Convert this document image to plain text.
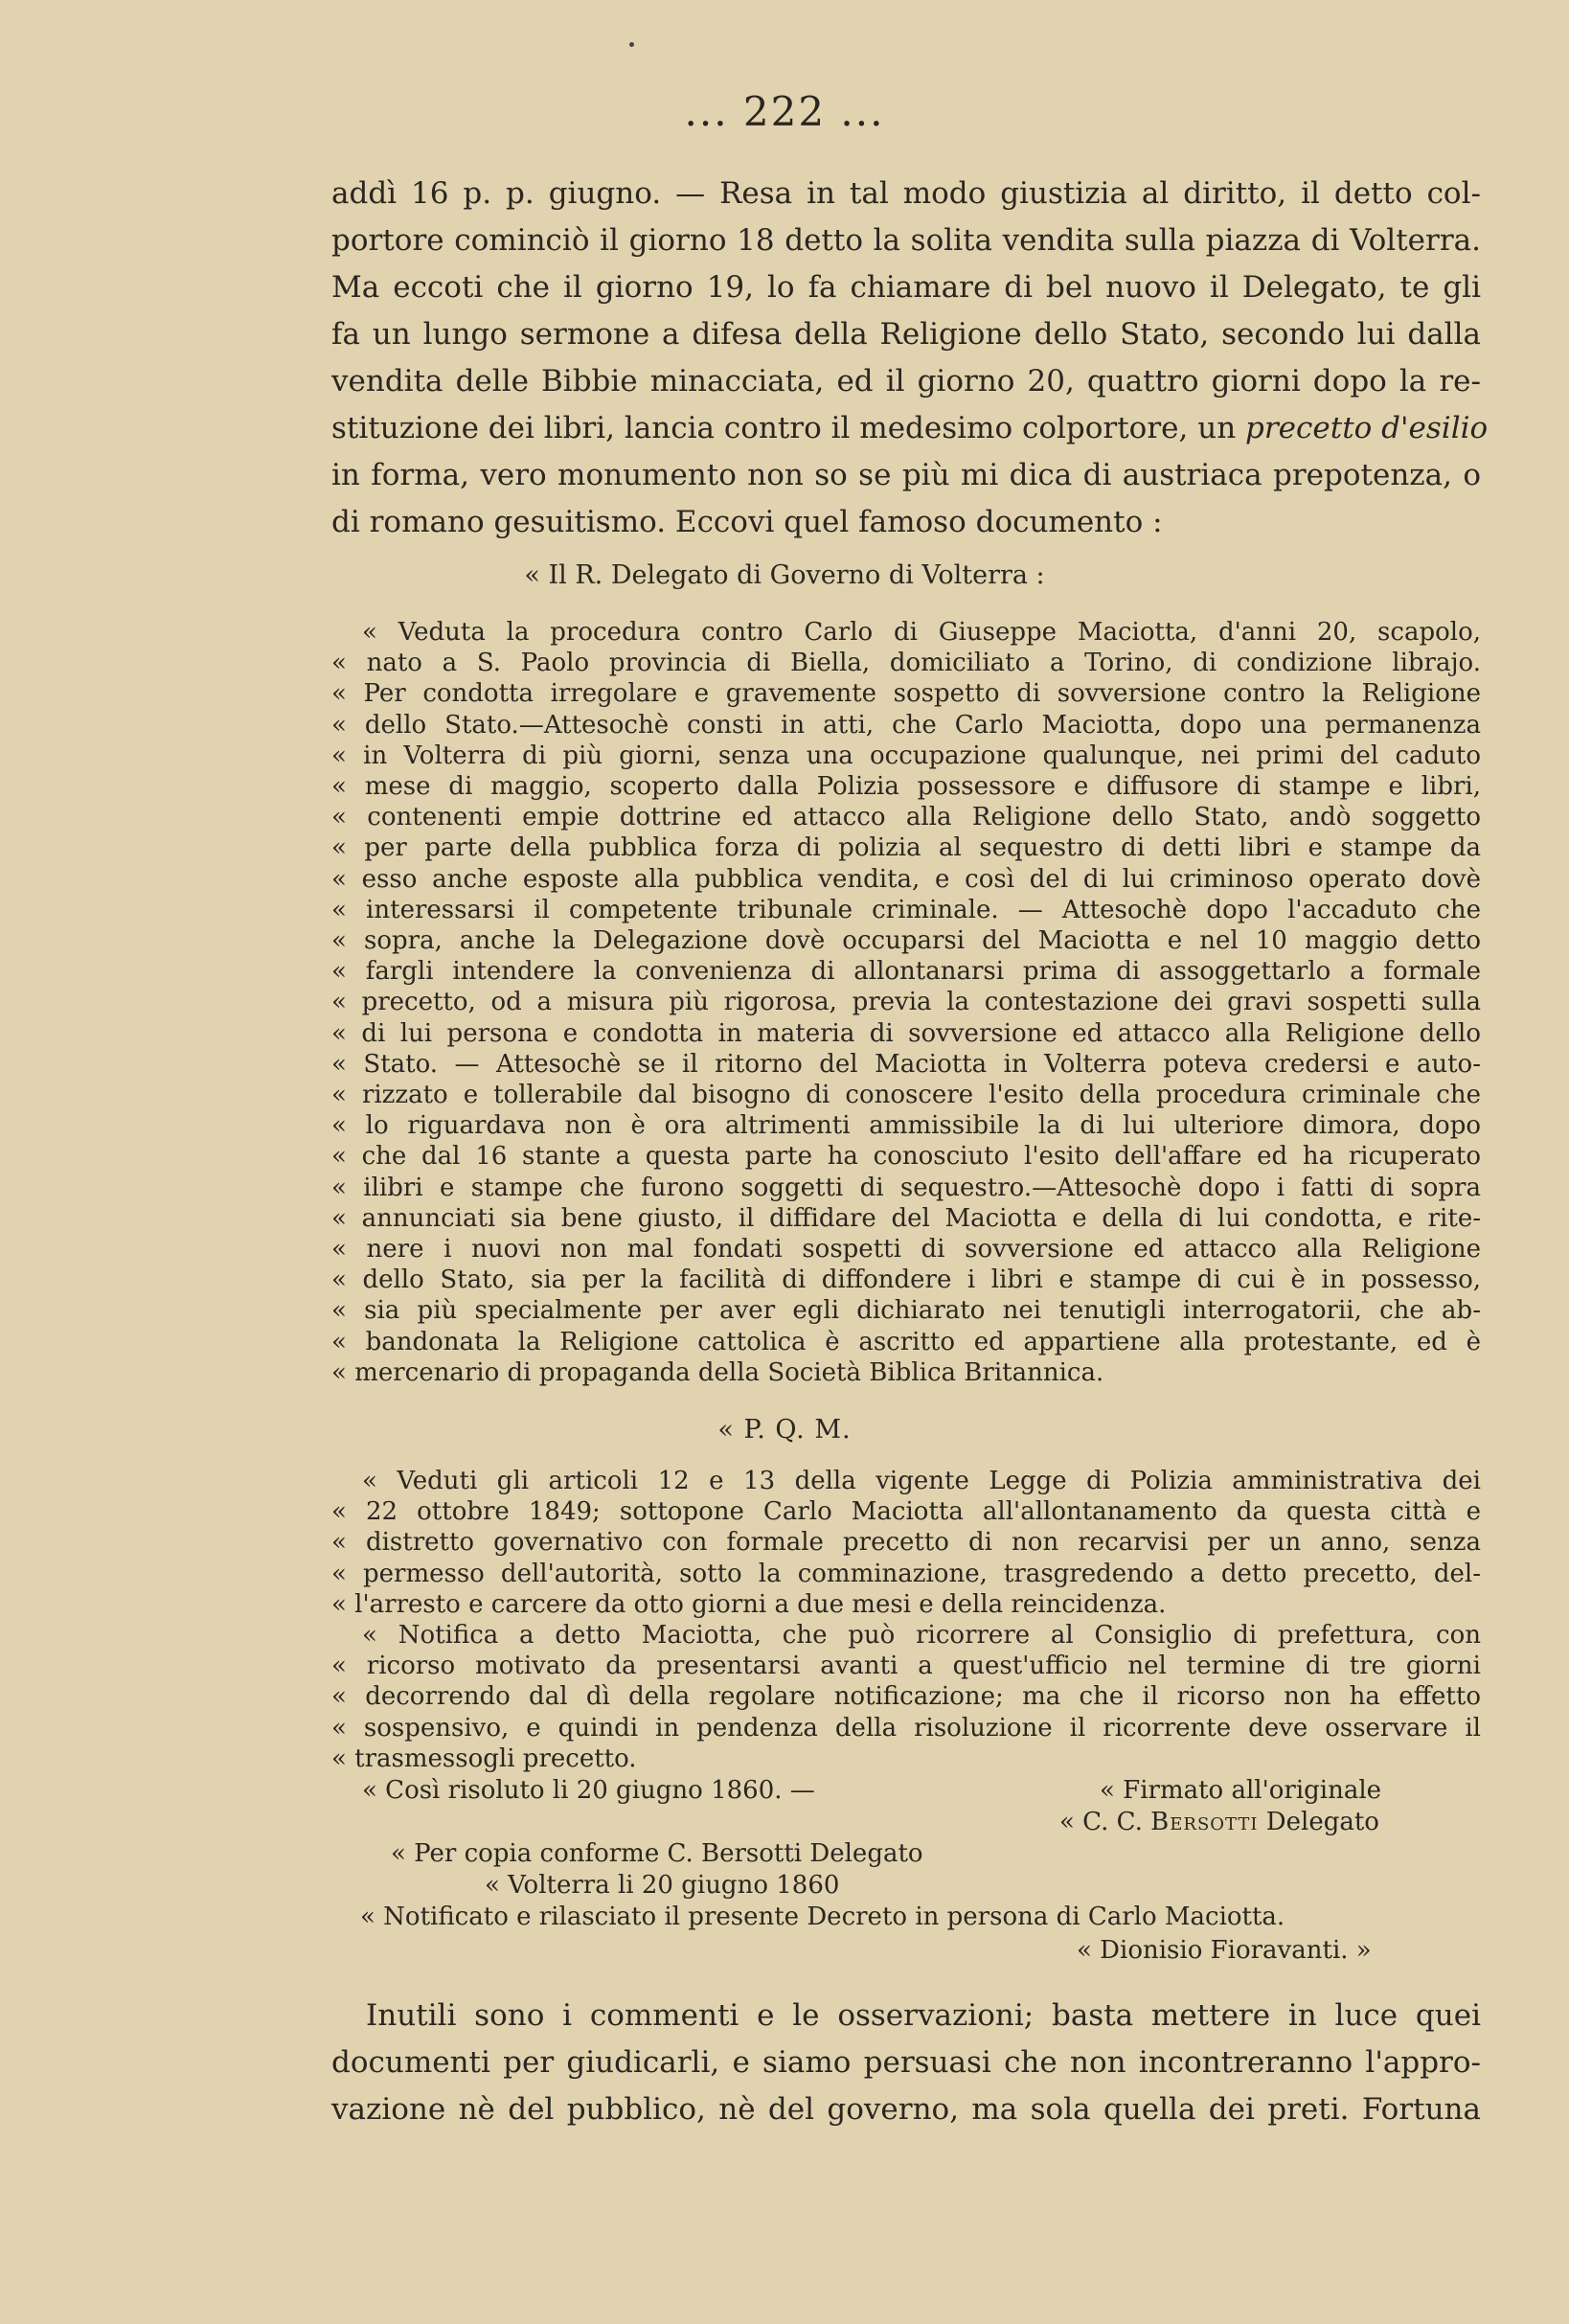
... 222 ...
addì 16 p. p. giugno. — Resa in tal modo giustizia al diritto, il detto col-
portore cominciò il giorno 18 detto la solita vendita sulla piazza di Volterra.
Ma eccoti che il giorno 19, lo fa chiamare di bel nuovo il Delegato, te gli
fa un lungo sermone a difesa della Religione dello Stato, secondo lui dalla
vendita delle Bibbie minacciata, ed il giorno 20, quattro giorni dopo la re-
stituzione dei libri, lancia contro il medesimo colportore, un precetto d'esilio
in forma, vero monumento non so se più mi dica di austriaca prepotenza, o
di romano gesuitismo. Eccovi quel famoso documento :
« Il R. Delegato di Governo di Volterra :
« Veduta la procedura contro Carlo di Giuseppe Maciotta, d'anni 20, scapolo,
« nato a S. Paolo provincia di Biella, domiciliato a Torino, di condizione librajo.
« Per condotta irregolare e gravemente sospetto di sovversione contro la Religione
« dello Stato.—Attesochè consti in atti, che Carlo Maciotta, dopo una permanenza
« in Volterra di più giorni, senza una occupazione qualunque, nei primi del caduto
« mese di maggio, scoperto dalla Polizia possessore e diffusore di stampe e libri,
« contenenti empie dottrine ed attacco alla Religione dello Stato, andò soggetto
« per parte della pubblica forza di polizia al sequestro di detti libri e stampe da
« esso anche esposte alla pubblica vendita, e così del di lui criminoso operato dovè
« interessarsi il competente tribunale criminale. — Attesochè dopo l'accaduto che
« sopra, anche la Delegazione dovè occuparsi del Maciotta e nel 10 maggio detto
« fargli intendere la convenienza di allontanarsi prima di assoggettarlo a formale
« precetto, od a misura più rigorosa, previa la contestazione dei gravi sospetti sulla
« di lui persona e condotta in materia di sovversione ed attacco alla Religione dello
« Stato. — Attesochè se il ritorno del Maciotta in Volterra poteva credersi e auto-
« rizzato e tollerabile dal bisogno di conoscere l'esito della procedura criminale che
« lo riguardava non è ora altrimenti ammissibile la di lui ulteriore dimora, dopo
« che dal 16 stante a questa parte ha conosciuto l'esito dell'affare ed ha ricuperato
« ilibri e stampe che furono soggetti di sequestro.—Attesochè dopo i fatti di sopra
« annunciati sia bene giusto, il diffidare del Maciotta e della di lui condotta, e rite-
« nere i nuovi non mal fondati sospetti di sovversione ed attacco alla Religione
« dello Stato, sia per la facilità di diffondere i libri e stampe di cui è in possesso,
« sia più specialmente per aver egli dichiarato nei tenutigli interrogatorii, che ab-
« bandonata la Religione cattolica è ascritto ed appartiene alla protestante, ed è
« mercenario di propaganda della Società Biblica Britannica.
« P. Q. M.
« Veduti gli articoli 12 e 13 della vigente Legge di Polizia amministrativa dei
« 22 ottobre 1849; sottopone Carlo Maciotta all'allontanamento da questa città e
« distretto governativo con formale precetto di non recarvisi per un anno, senza
« permesso dell'autorità, sotto la comminazione, trasgredendo a detto precetto, del-
« l'arresto e carcere da otto giorni a due mesi e della reincidenza.
« Notifica a detto Maciotta, che può ricorrere al Consiglio di prefettura, con
« ricorso motivato da presentarsi avanti a quest'ufficio nel termine di tre giorni
« decorrendo dal dì della regolare notificazione; ma che il ricorso non ha effetto
« sospensivo, e quindi in pendenza della risoluzione il ricorrente deve osservare il
« trasmessogli precetto.
« Così risoluto li 20 giugno 1860. —	« Firmato all'originale
« C. C. Bersotti Delegato
« Per copia conforme C. Bersotti Delegato
« Volterra li 20 giugno 1860
« Notificato e rilasciato il presente Decreto in persona di Carlo Maciotta.
« Dionisio Fioravanti. »
Inutili sono i commenti e le osservazioni; basta mettere in luce quei
documenti per giudicarli, e siamo persuasi che non incontreranno l'appro-
vazione nè del pubblico, nè del governo, ma sola quella dei preti. Fortuna
